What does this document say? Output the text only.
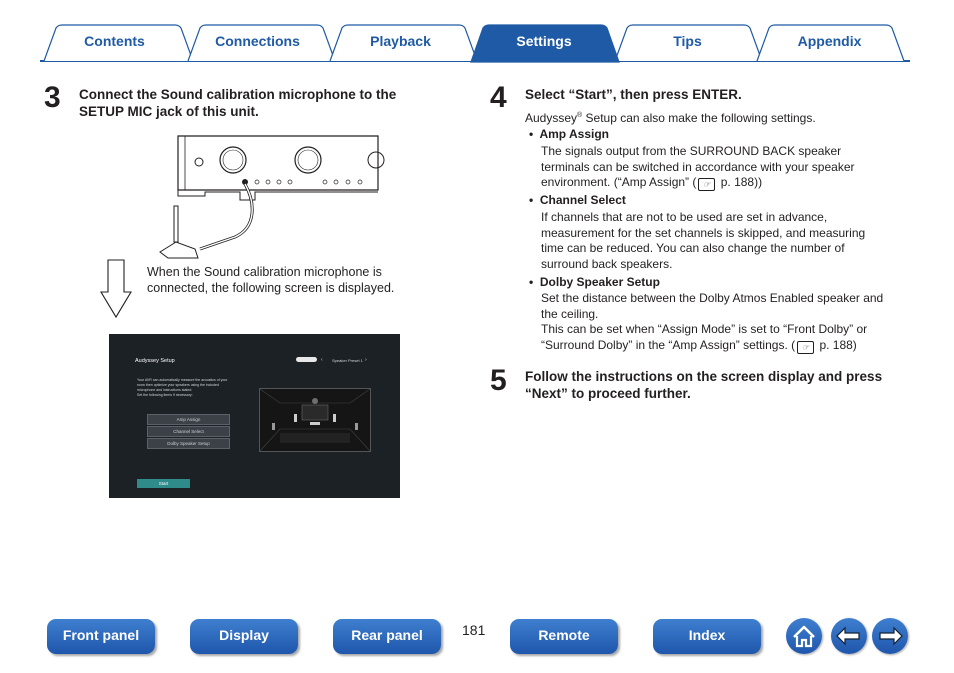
Contents	Connections	Playback	Settings	Tips	Appendix
3 Connect the Sound calibration microphone to the
SETUP MIC jack of this unit.
When the Sound calibration microphone is
connected, the following screen is displayed.
Audyssey Setup	‹ Speaker Preset 1 ›
Your AVR can automatically measure the acoustics of your
room then optimize your speakers using the included
microphone and instructions stated.
Set the following items if necessary:
Amp Assign
Channel Select
Dolby Speaker Setup
Start
4 Select “Start”, then press ENTER.
Audyssey® Setup can also make the following settings.
•  Amp Assign
The signals output from the SURROUND BACK speaker
terminals can be switched in accordance with your speaker
environment. (“Amp Assign” ( ☞ p. 188))
•  Channel Select
If channels that are not to be used are set in advance,
measurement for the set channels is skipped, and measuring
time can be reduced. You can also change the number of
surround back speakers.
•  Dolby Speaker Setup
Set the distance between the Dolby Atmos Enabled speaker and
the ceiling.
This can be set when “Assign Mode” is set to “Front Dolby” or
“Surround Dolby” in the “Amp Assign” settings. ( ☞ p. 188)
5 Follow the instructions on the screen display and press
“Next” to proceed further.
Front panel	Display	Rear panel	181	Remote	Index
